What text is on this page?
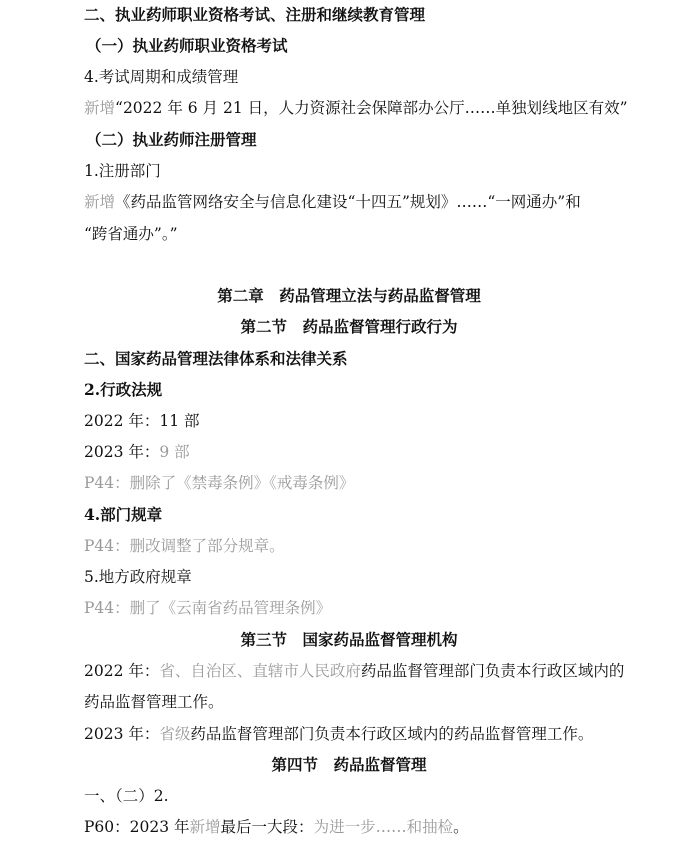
二、执业药师职业资格考试、注册和继续教育管理
（一）执业药师职业资格考试
4.考试周期和成绩管理
新增“2022 年 6 月 21 日，人力资源社会保障部办公厅……单独划线地区有效”
（二）执业药师注册管理
1.注册部门
新增《药品监管网络安全与信息化建设“十四五”规划》……“一网通办”和
“跨省通办”。”
第二章　药品管理立法与药品监督管理
第二节　药品监督管理行政行为
二、国家药品管理法律体系和法律关系
2.行政法规
2022 年：11 部
2023 年：9 部
P44：删除了《禁毒条例》《戒毒条例》
4.部门规章
P44：删改调整了部分规章。
5.地方政府规章
P44：删了《云南省药品管理条例》
第三节　国家药品监督管理机构
2022 年：省、自治区、直辖市人民政府药品监督管理部门负责本行政区域内的
药品监督管理工作。
2023 年：省级药品监督管理部门负责本行政区域内的药品监督管理工作。
第四节　药品监督管理
一、（二）2.
P60：2023 年新增最后一大段：为进一步……和抽检。
